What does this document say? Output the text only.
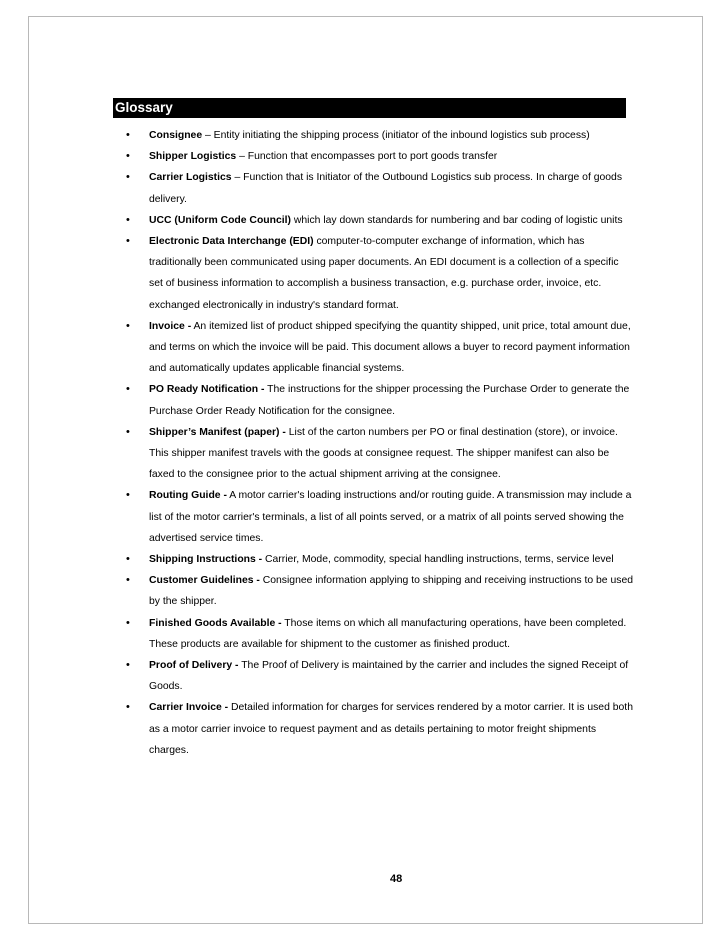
Glossary
• Consignee – Entity initiating the shipping process (initiator of the inbound logistics sub process)
• Shipper Logistics – Function that encompasses port to port goods transfer
• Carrier Logistics – Function that is Initiator of the Outbound Logistics sub process. In charge of goods delivery.
• UCC (Uniform Code Council) which lay down standards for numbering and bar coding of logistic units
• Electronic Data Interchange (EDI) computer-to-computer exchange of information, which has traditionally been communicated using paper documents. An EDI document is a collection of a specific set of business information to accomplish a business transaction, e.g. purchase order, invoice, etc. exchanged electronically in industry's standard format.
• Invoice - An itemized list of product shipped specifying the quantity shipped, unit price, total amount due, and terms on which the invoice will be paid. This document allows a buyer to record payment information and automatically updates applicable financial systems.
• PO Ready Notification - The instructions for the shipper processing the Purchase Order to generate the Purchase Order Ready Notification for the consignee.
• Shipper’s Manifest (paper) - List of the carton numbers per PO or final destination (store), or invoice. This shipper manifest travels with the goods at consignee request. The shipper manifest can also be faxed to the consignee prior to the actual shipment arriving at the consignee.
• Routing Guide - A motor carrier's loading instructions and/or routing guide. A transmission may include a list of the motor carrier's terminals, a list of all points served, or a matrix of all points served showing the advertised service times.
• Shipping Instructions - Carrier, Mode, commodity, special handling instructions, terms, service level
• Customer Guidelines - Consignee information applying to shipping and receiving instructions to be used by the shipper.
• Finished Goods Available - Those items on which all manufacturing operations, have been completed. These products are available for shipment to the customer as finished product.
• Proof of Delivery - The Proof of Delivery is maintained by the carrier and includes the signed Receipt of Goods.
• Carrier Invoice - Detailed information for charges for services rendered by a motor carrier. It is used both as a motor carrier invoice to request payment and as details pertaining to motor freight shipments charges.
48
